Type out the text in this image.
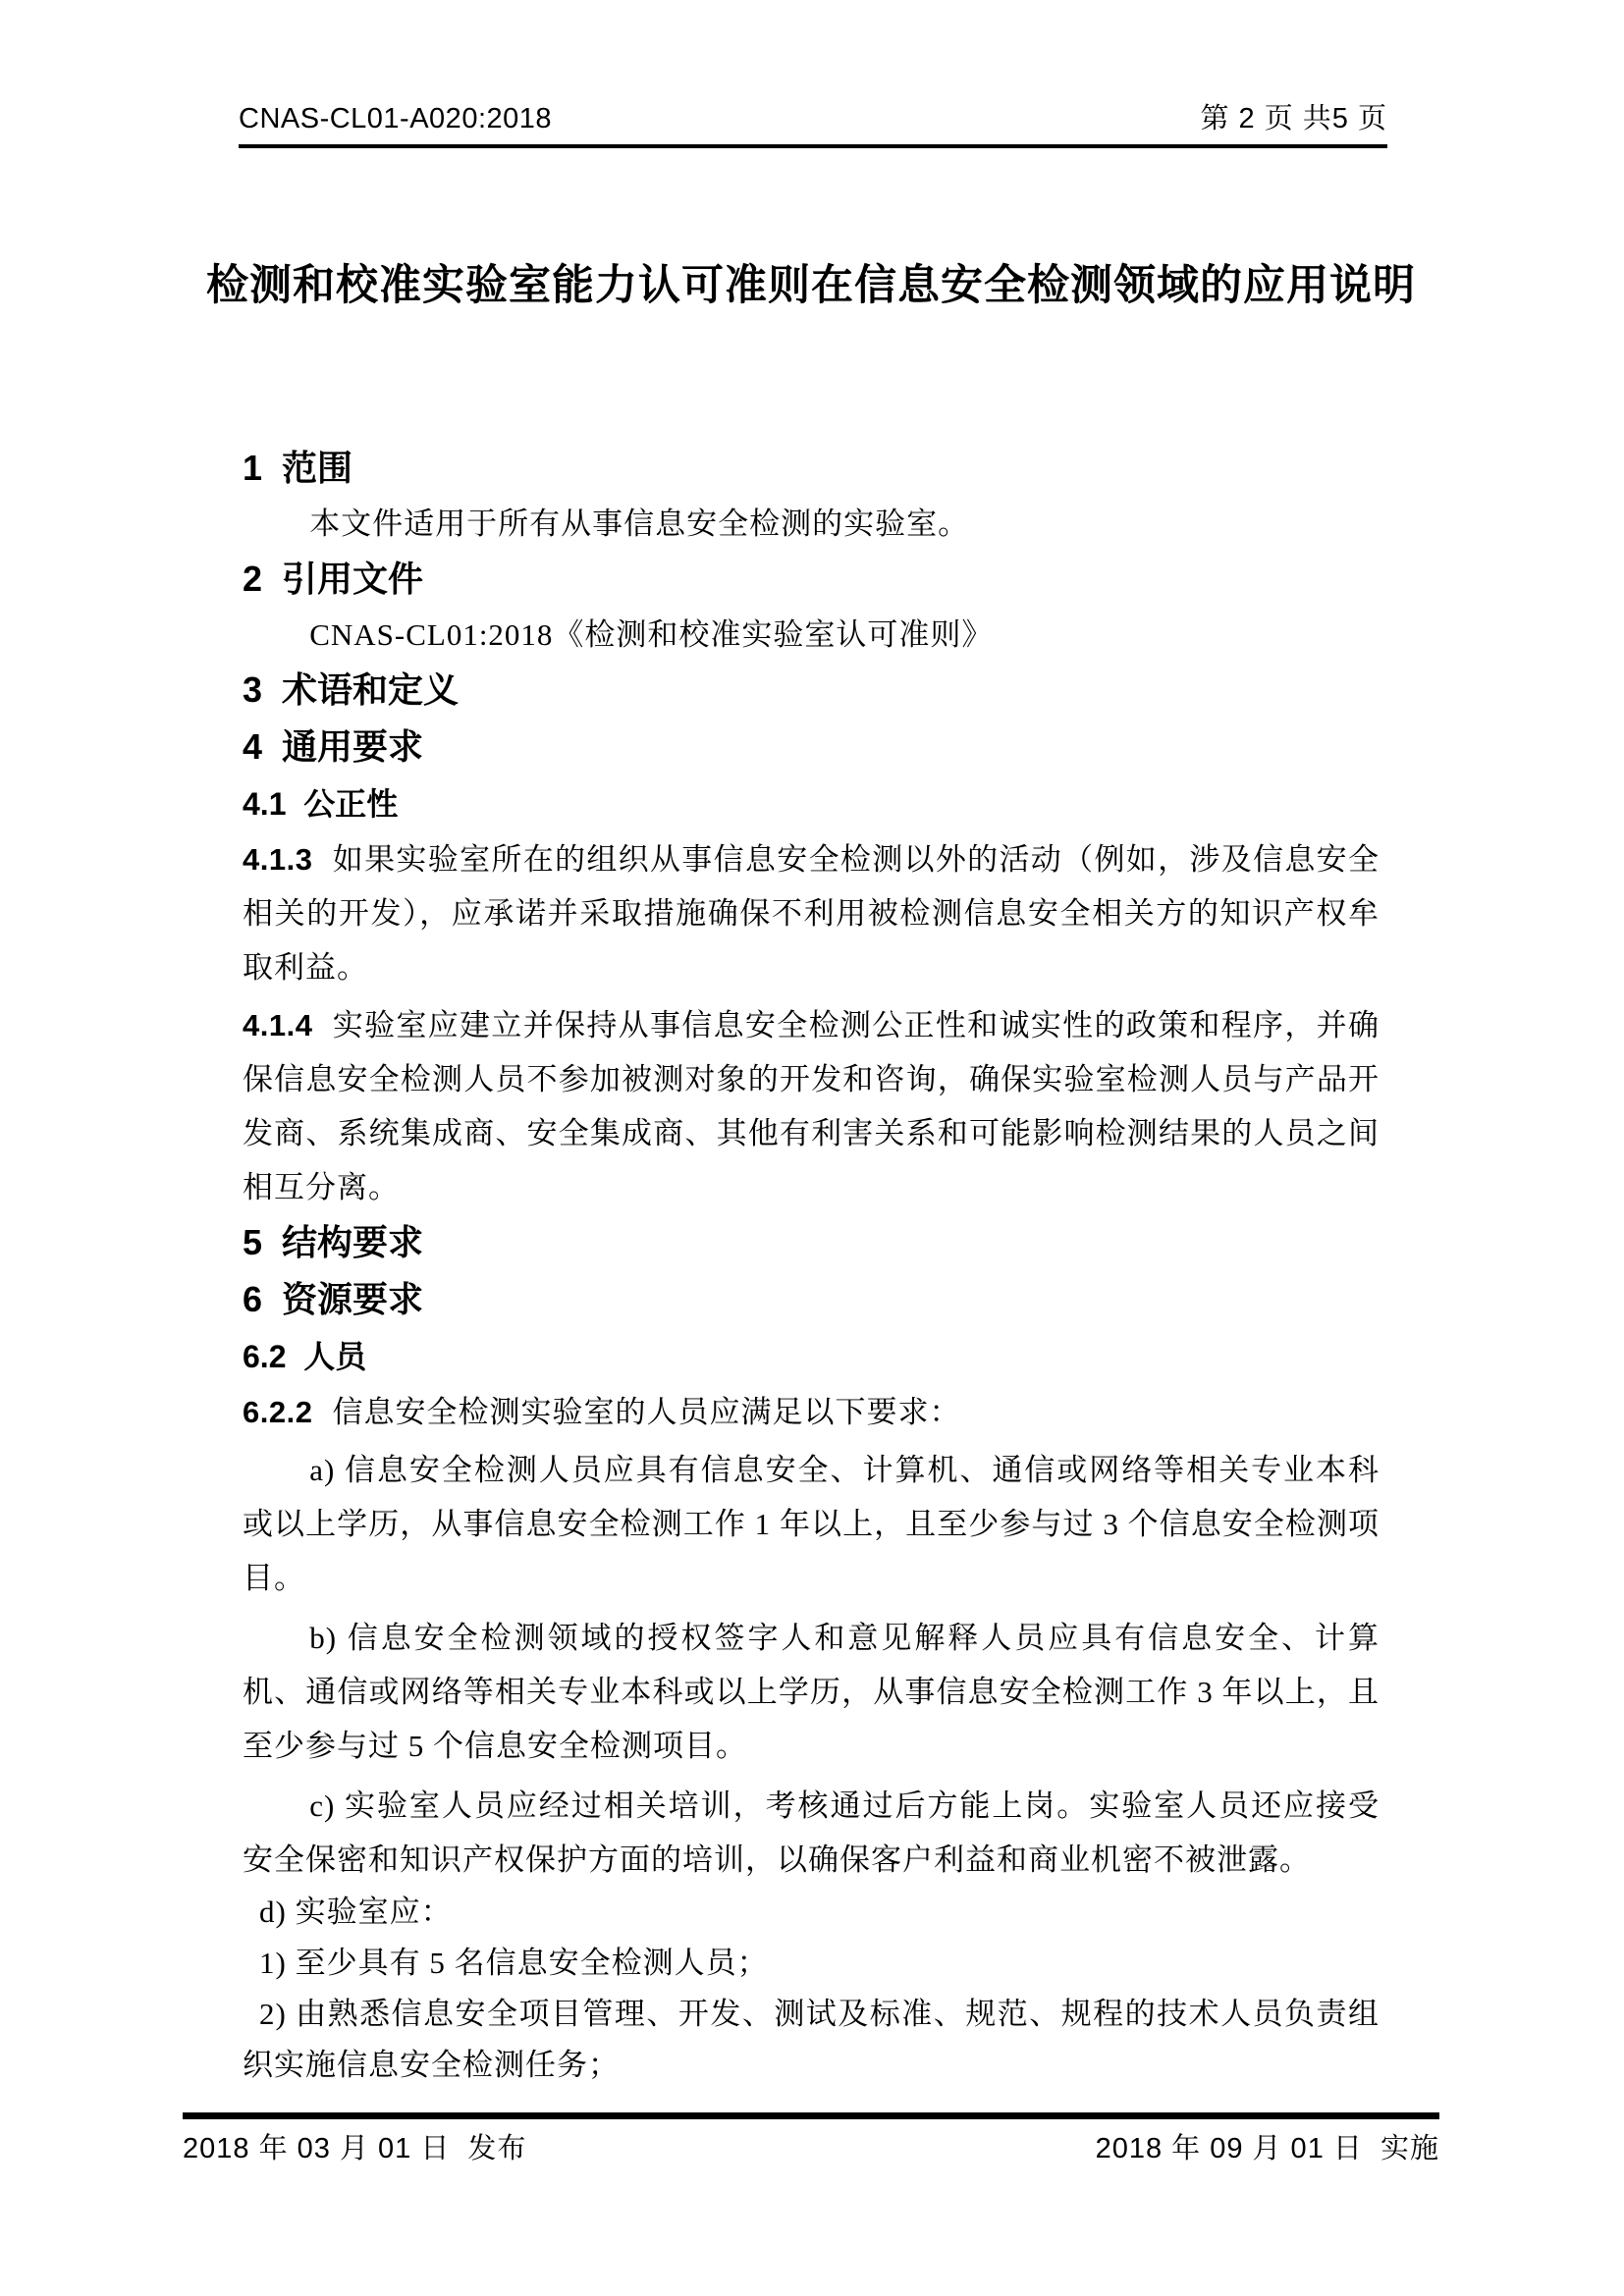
CNAS-CL01-A020:2018	第 2 页 共5 页
检测和校准实验室能力认可准则在信息安全检测领域的应用说明
1  范围

本文件适用于所有从事信息安全检测的实验室。

2  引用文件

CNAS-CL01:2018《检测和校准实验室认可准则》

3  术语和定义
4  通用要求
4.1  公正性

4.1.3 如果实验室所在的组织从事信息安全检测以外的活动（例如，涉及信息安全相关的开发），应承诺并采取措施确保不利用被检测信息安全相关方的知识产权牟取利益。

4.1.4 实验室应建立并保持从事信息安全检测公正性和诚实性的政策和程序，并确保信息安全检测人员不参加被测对象的开发和咨询，确保实验室检测人员与产品开发商、系统集成商、安全集成商、其他有利害关系和可能影响检测结果的人员之间相互分离。

5  结构要求
6  资源要求
6.2  人员

6.2.2 信息安全检测实验室的人员应满足以下要求：

a) 信息安全检测人员应具有信息安全、计算机、通信或网络等相关专业本科或以上学历，从事信息安全检测工作 1 年以上，且至少参与过 3 个信息安全检测项目。

b) 信息安全检测领域的授权签字人和意见解释人员应具有信息安全、计算机、通信或网络等相关专业本科或以上学历，从事信息安全检测工作 3 年以上，且至少参与过 5 个信息安全检测项目。

c) 实验室人员应经过相关培训，考核通过后方能上岗。实验室人员还应接受安全保密和知识产权保护方面的培训，以确保客户利益和商业机密不被泄露。

d) 实验室应：

1) 至少具有 5 名信息安全检测人员；

2) 由熟悉信息安全项目管理、开发、测试及标准、规范、规程的技术人员负责组织实施信息安全检测任务；

2018 年 03 月 01 日  发布	2018 年 09 月 01 日  实施
